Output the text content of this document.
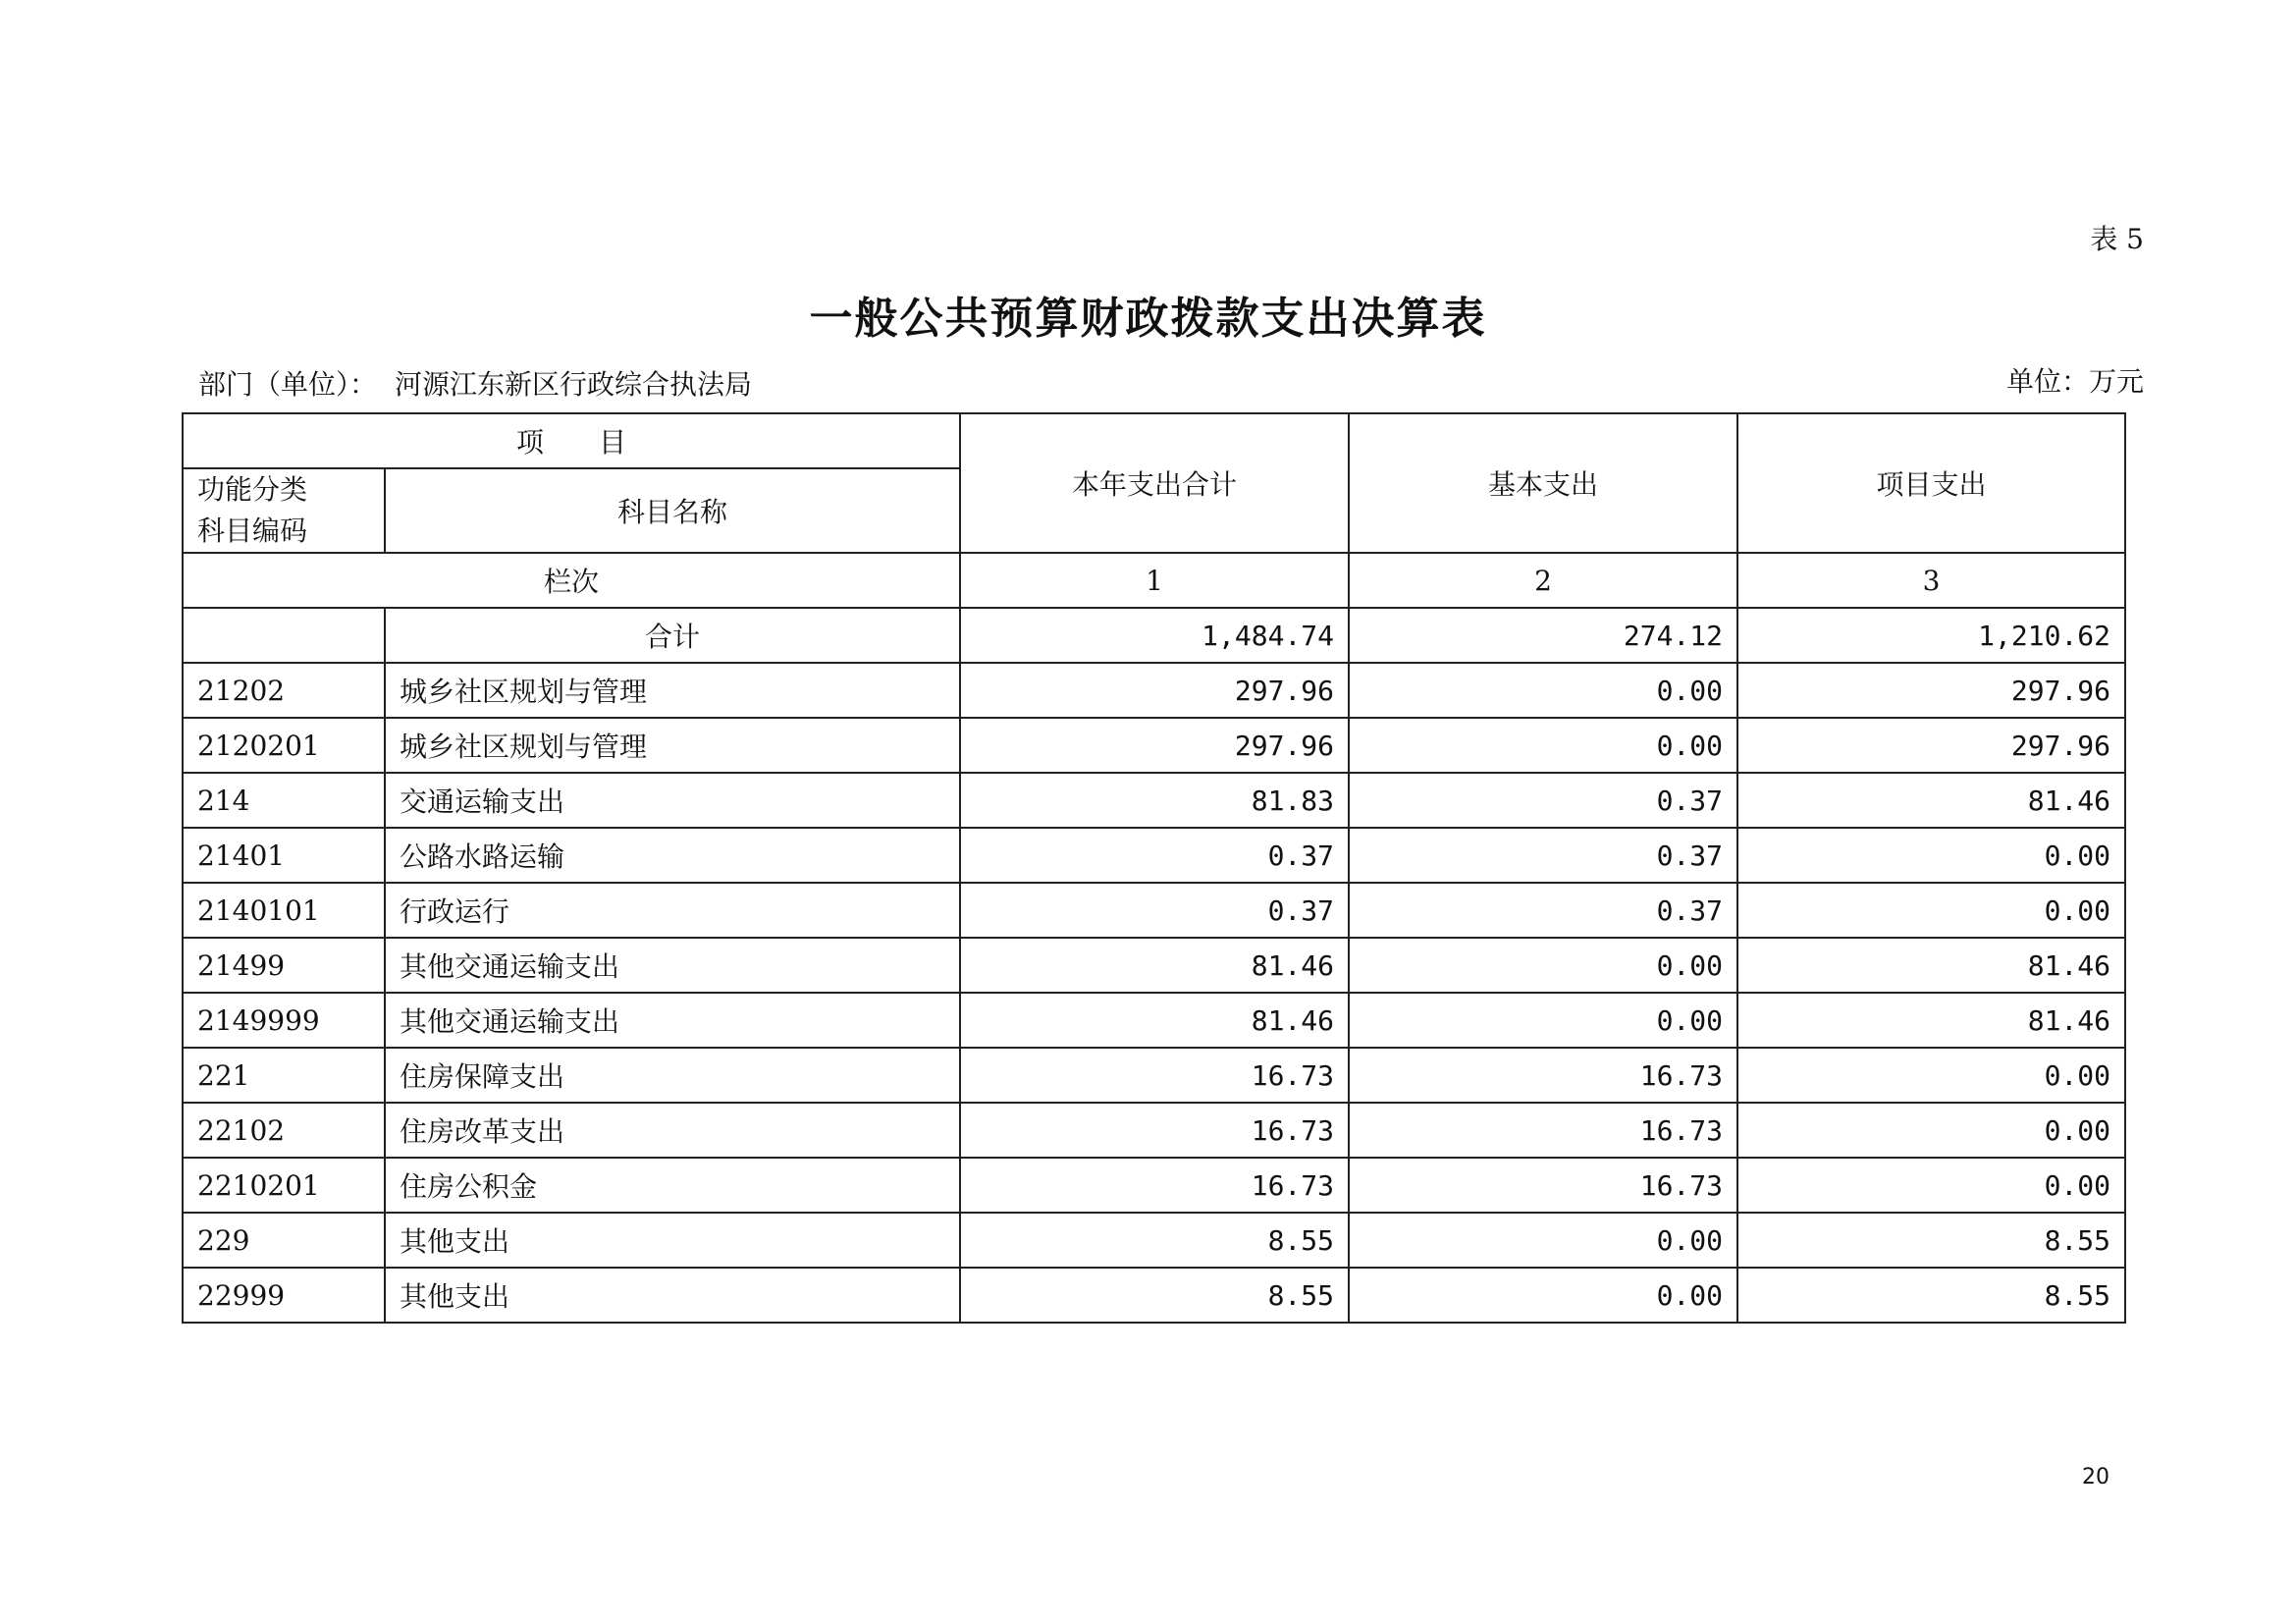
表 5
一般公共预算财政拨款支出决算表
部门（单位）： 河源江东新区行政综合执法局	单位：万元
项　　目		本年支出合计	基本支出	项目支出

功能分类
科目编码	科目名称			
栏次		1	2	3
	合计	1,484.74	274.12	1,210.62
21202	城乡社区规划与管理	297.96	0.00	297.96
2120201	城乡社区规划与管理	297.96	0.00	297.96
214	交通运输支出	81.83	0.37	81.46
21401	公路水路运输	0.37	0.37	0.00
2140101	行政运行	0.37	0.37	0.00
21499	其他交通运输支出	81.46	0.00	81.46
2149999	其他交通运输支出	81.46	0.00	81.46
221	住房保障支出	16.73	16.73	0.00
22102	住房改革支出	16.73	16.73	0.00
2210201	住房公积金	16.73	16.73	0.00
229	其他支出	8.55	0.00	8.55
22999	其他支出	8.55	0.00	8.55
20
